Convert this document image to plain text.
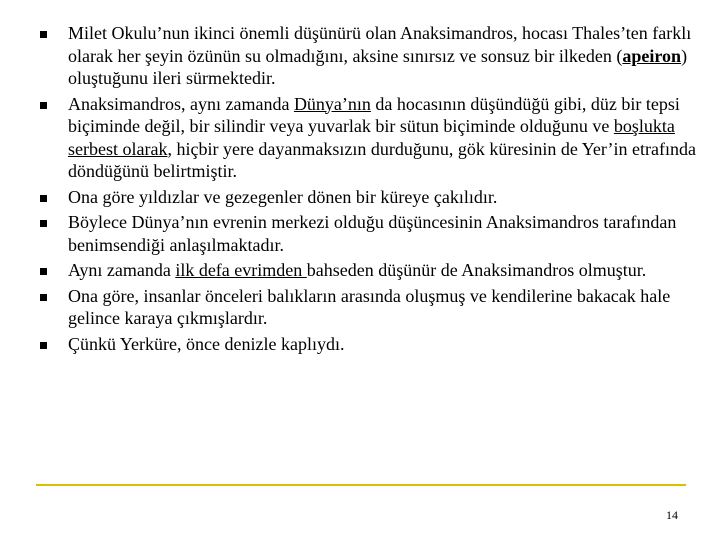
Milet Okulu’nun ikinci önemli düşünürü olan Anaksimandros, hocası Thales’ten farklı olarak her şeyin özünün su olmadığını, aksine sınırsız ve sonsuz bir ilkeden (apeiron) oluştuğunu ileri sürmektedir.
Anaksimandros, aynı zamanda Dünya’nın da hocasının düşündüğü gibi, düz bir tepsi biçiminde değil, bir silindir veya yuvarlak bir sütun biçiminde olduğunu ve boşlukta serbest olarak, hiçbir yere dayanmaksızın durduğunu, gök küresinin de Yer’in etrafında döndüğünü belirtmiştir.
Ona göre yıldızlar ve gezegenler dönen bir küreye çakılıdır.
Böylece Dünya’nın evrenin merkezi olduğu düşüncesinin Anaksimandros tarafından benimsendiği anlaşılmaktadır.
Aynı zamanda ilk defa evrimden bahseden düşünür de Anaksimandros olmuştur.
Ona göre, insanlar önceleri balıkların arasında oluşmuş ve kendilerine bakacak hale gelince karaya çıkmışlardır.
Çünkü Yerküre, önce denizle kaplıydı.
14
